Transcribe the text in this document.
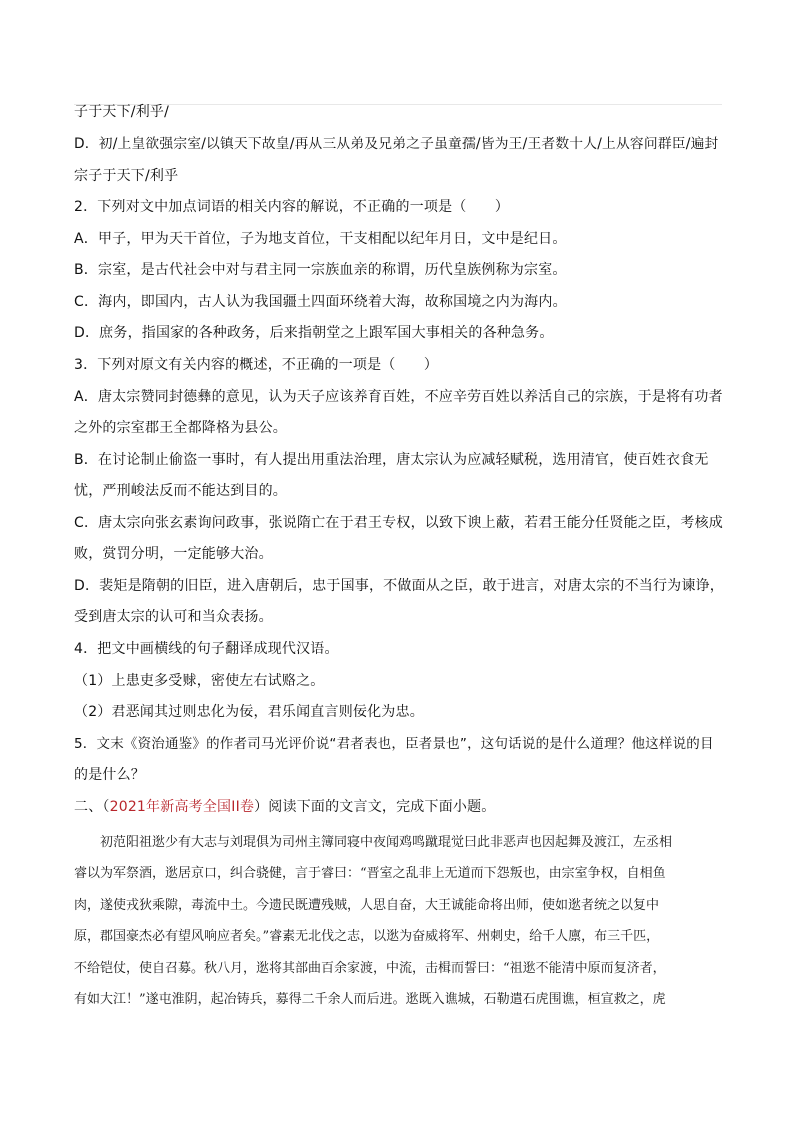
子于天下/利乎/
D．初/上皇欲强宗室/以镇天下故皇/再从三从弟及兄弟之子虽童孺/皆为王/王者数十人/上从容问群臣/遍封
宗子于天下/利乎
2．下列对文中加点词语的相关内容的解说，不正确的一项是（　　）
A．甲子，甲为天干首位，子为地支首位，干支相配以纪年月日，文中是纪日。
B．宗室，是古代社会中对与君主同一宗族血亲的称谓，历代皇族例称为宗室。
C．海内，即国内，古人认为我国疆土四面环绕着大海，故称国境之内为海内。
D．庶务，指国家的各种政务，后来指朝堂之上跟军国大事相关的各种急务。
3．下列对原文有关内容的概述，不正确的一项是（　　）
A．唐太宗赞同封德彝的意见，认为天子应该养育百姓，不应辛劳百姓以养活自己的宗族，于是将有功者
之外的宗室郡王全都降格为县公。
B．在讨论制止偷盗一事时，有人提出用重法治理，唐太宗认为应减轻赋税，选用清官，使百姓衣食无
忧，严刑峻法反而不能达到目的。
C．唐太宗向张玄素询问政事，张说隋亡在于君王专权，以致下谀上蔽，若君王能分任贤能之臣，考核成
败，赏罚分明，一定能够大治。
D．裴矩是隋朝的旧臣，进入唐朝后，忠于国事，不做面从之臣，敢于进言，对唐太宗的不当行为谏诤，
受到唐太宗的认可和当众表扬。
4．把文中画横线的句子翻译成现代汉语。
（1）上患吏多受赇，密使左右试赂之。
（2）君恶闻其过则忠化为佞，君乐闻直言则佞化为忠。
5．文末《资治通鉴》的作者司马光评价说“君者表也，臣者景也”，这句话说的是什么道理？他这样说的目
的是什么？
二、（2021年新高考全国II卷）阅读下面的文言文，完成下面小题。
　　初范阳祖逖少有大志与刘琨俱为司州主簿同寝中夜闻鸡鸣蹴琨觉曰此非恶声也因起舞及渡江，左丞相
睿以为军祭酒，逖居京口，纠合骁健，言于睿曰：“晋室之乱非上无道而下怨叛也，由宗室争权，自相鱼
肉，遂使戎狄乘隙，毒流中土。今遗民既遭残贼，人思自奋，大王诚能命将出师，使如逖者统之以复中
原，郡国豪杰必有望风响应者矣。”睿素无北伐之志，以逖为奋威将军、州刺史，给千人廪，布三千匹，
不给铠仗，使自召募。秋八月，逖将其部曲百余家渡，中流，击楫而誓曰：“祖逖不能清中原而复济者，
有如大江！”遂屯淮阴，起冶铸兵，募得二千余人而后进。逖既入谯城，石勒遣石虎围谯，桓宣救之，虎
